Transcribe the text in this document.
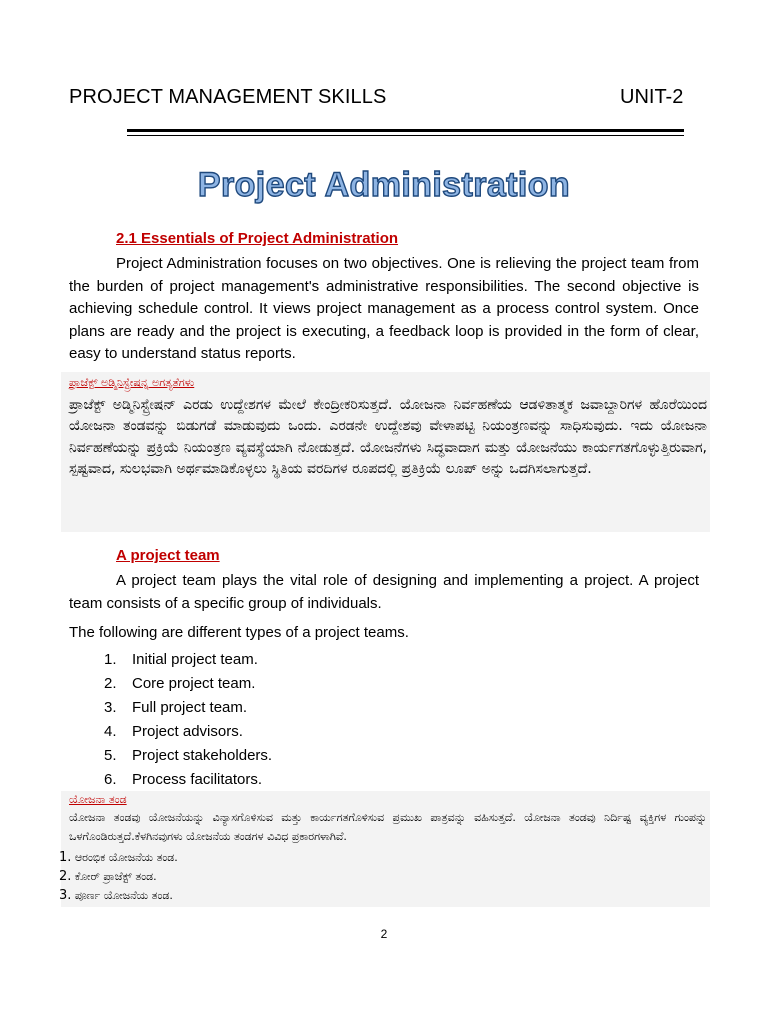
PROJECT MANAGEMENT SKILLS	UNIT-2
Project Administration
2.1 Essentials of Project Administration
Project Administration focuses on two objectives. One is relieving the project team from the burden of project management's administrative responsibilities. The second objective is achieving schedule control. It views project management as a process control system. Once plans are ready and the project is executing, a feedback loop is provided in the form of clear, easy to understand status reports.
ಪ್ರಾಜೆಕ್ಟ್ ಅಡ್ಮಿನಿಸ್ಟ್ರೇಷನ್ನ ಅಗತ್ಯತೆಗಳು
ಪ್ರಾಜೆಕ್ಟ್ ಅಡ್ಮಿನಿಸ್ಟ್ರೇಷನ್ ಎರಡು ಉದ್ದೇಶಗಳ ಮೇಲೆ ಕೇಂದ್ರೀಕರಿಸುತ್ತದೆ. ಯೋಜನಾ ನಿರ್ವಹಣೆಯ ಆಡಳಿತಾತ್ಮಕ ಜವಾಬ್ದಾರಿಗಳ ಹೊರೆಯಿಂದ ಯೋಜನಾ ತಂಡವನ್ನು ಬಿಡುಗಡೆ ಮಾಡುವುದು ಒಂದು. ಎರಡನೇ ಉದ್ದೇಶವು ವೇಳಾಪಟ್ಟಿ ನಿಯಂತ್ರಣವನ್ನು ಸಾಧಿಸುವುದು. ಇದು ಯೋಜನಾ ನಿರ್ವಹಣೆಯನ್ನು ಪ್ರಕ್ರಿಯೆ ನಿಯಂತ್ರಣ ವ್ಯವಸ್ಥೆಯಾಗಿ ನೋಡುತ್ತದೆ. ಯೋಜನೆಗಳು ಸಿದ್ಧವಾದಾಗ ಮತ್ತು ಯೋಜನೆಯು ಕಾರ್ಯಗತಗೊಳ್ಳುತ್ತಿರುವಾಗ, ಸ್ಪಷ್ಟವಾದ, ಸುಲಭವಾಗಿ ಅರ್ಥಮಾಡಿಕೊಳ್ಳಲು ಸ್ಥಿತಿಯ ವರದಿಗಳ ರೂಪದಲ್ಲಿ ಪ್ರತಿಕ್ರಿಯೆ ಲೂಪ್ ಅನ್ನು ಒದಗಿಸಲಾಗುತ್ತದೆ.
A project team
A project team plays the vital role of designing and implementing a project. A project team consists of a specific group of individuals.
The following are different types of a project teams.
1. Initial project team.
2. Core project team.
3. Full project team.
4. Project advisors.
5. Project stakeholders.
6. Process facilitators.
ಯೋಜನಾ ತಂಡ
ಯೋಜನಾ ತಂಡವು ಯೋಜನೆಯನ್ನು ವಿನ್ಯಾಸಗೊಳಿಸುವ ಮತ್ತು ಕಾರ್ಯಗತಗೊಳಿಸುವ ಪ್ರಮುಖ ಪಾತ್ರವನ್ನು ವಹಿಸುತ್ತದೆ. ಯೋಜನಾ ತಂಡವು ನಿರ್ದಿಷ್ಟ ವ್ಯಕ್ತಿಗಳ ಗುಂಪನ್ನು ಒಳಗೊಂಡಿರುತ್ತದೆ.ಕೆಳಗಿನವುಗಳು ಯೋಜನೆಯ ತಂಡಗಳ ವಿವಿಧ ಪ್ರಕಾರಗಳಾಗಿವೆ.
1. ಆರಂಭಿಕ ಯೋಜನೆಯ ತಂಡ.
2. ಕೋರ್ ಪ್ರಾಜೆಕ್ಟ್ ತಂಡ.
3. ಪೂರ್ಣ ಯೋಜನೆಯ ತಂಡ.
2
